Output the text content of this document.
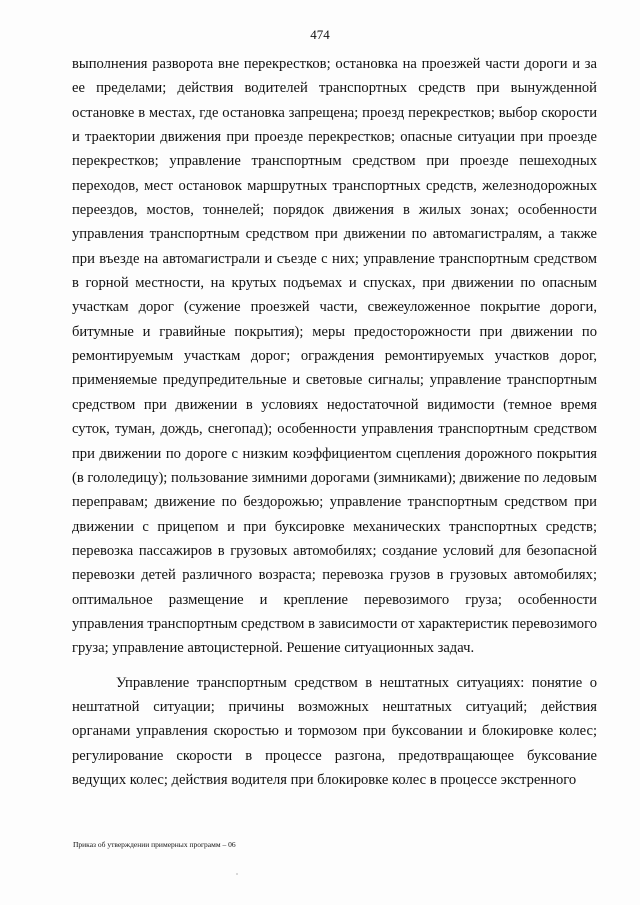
474

выполнения разворота вне перекрестков; остановка на проезжей части дороги и за ее пределами; действия водителей транспортных средств при вынужденной остановке в местах, где остановка запрещена; проезд перекрестков; выбор скорости и траектории движения при проезде перекрестков; опасные ситуации при проезде перекрестков; управление транспортным средством при проезде пешеходных переходов, мест остановок маршрутных транспортных средств, железнодорожных переездов, мостов, тоннелей; порядок движения в жилых зонах; особенности управления транспортным средством при движении по автомагистралям, а также при въезде на автомагистрали и съезде с них; управление транспортным средством в горной местности, на крутых подъемах и спусках, при движении по опасным участкам дорог (сужение проезжей части, свежеуложенное покрытие дороги, битумные и гравийные покрытия); меры предосторожности при движении по ремонтируемым участкам дорог; ограждения ремонтируемых участков дорог, применяемые предупредительные и световые сигналы; управление транспортным средством при движении в условиях недостаточной видимости (темное время суток, туман, дождь, снегопад); особенности управления транспортным средством при движении по дороге с низким коэффициентом сцепления дорожного покрытия (в гололедицу); пользование зимними дорогами (зимниками); движение по ледовым переправам; движение по бездорожью; управление транспортным средством при движении с прицепом и при буксировке механических транспортных средств; перевозка пассажиров в грузовых автомобилях; создание условий для безопасной перевозки детей различного возраста; перевозка грузов в грузовых автомобилях; оптимальное размещение и крепление перевозимого груза; особенности управления транспортным средством в зависимости от характеристик перевозимого груза; управление автоцистерной. Решение ситуационных задач.

Управление транспортным средством в нештатных ситуациях: понятие о нештатной ситуации; причины возможных нештатных ситуаций; действия органами управления скоростью и тормозом при буксовании и блокировке колес; регулирование скорости в процессе разгона, предотвращающее буксование ведущих колес; действия водителя при блокировке колес в процессе экстренного

Приказ об утверждении примерных программ – 06
